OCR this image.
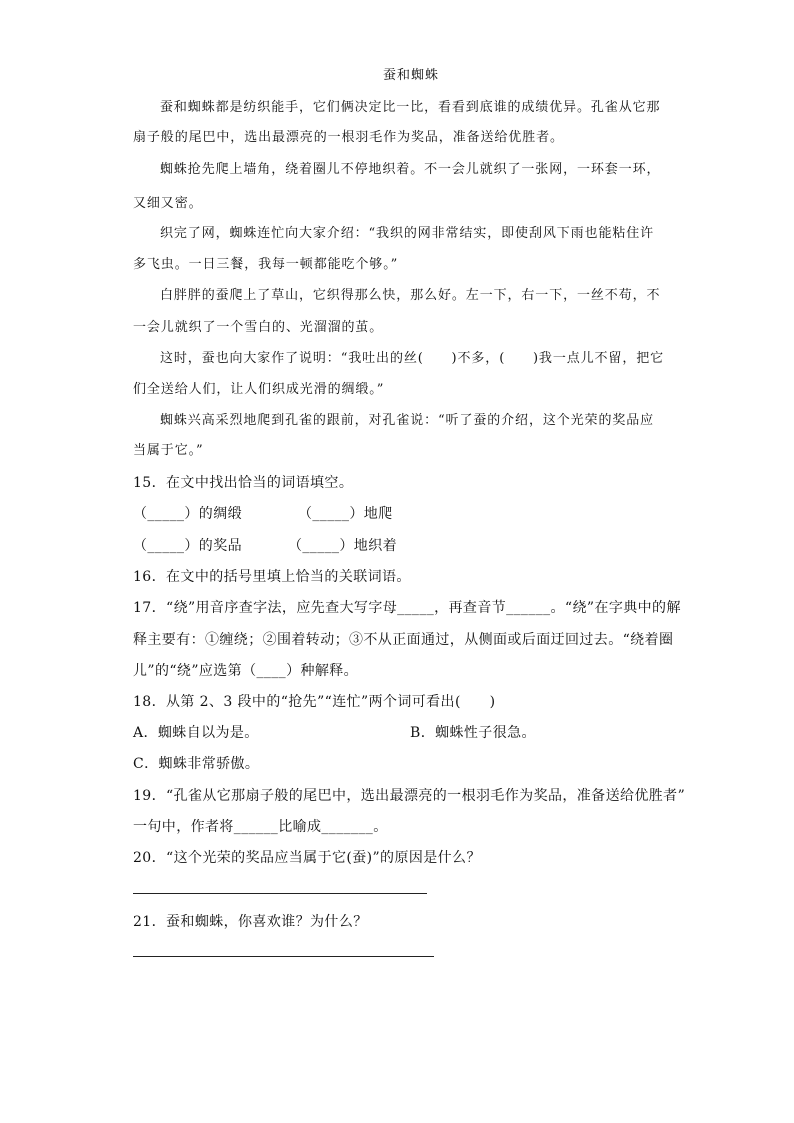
蚕和蜘蛛
蚕和蜘蛛都是纺织能手，它们俩决定比一比，看看到底谁的成绩优异。孔雀从它那
扇子般的尾巴中，选出最漂亮的一根羽毛作为奖品，准备送给优胜者。
蜘蛛抢先爬上墙角，绕着圈儿不停地织着。不一会儿就织了一张网，一环套一环，
又细又密。
织完了网，蜘蛛连忙向大家介绍：“我织的网非常结实，即使刮风下雨也能粘住许
多飞虫。一日三餐，我每一顿都能吃个够。”
白胖胖的蚕爬上了草山，它织得那么快，那么好。左一下，右一下，一丝不苟，不
一会儿就织了一个雪白的、光溜溜的茧。
这时，蚕也向大家作了说明：“我吐出的丝(　　)不多，(　　)我一点儿不留，把它
们全送给人们，让人们织成光滑的绸缎。”
蜘蛛兴高采烈地爬到孔雀的跟前，对孔雀说：“听了蚕的介绍，这个光荣的奖品应
当属于它。”
15．在文中找出恰当的词语填空。
（_____）的绸缎	（_____）地爬
（_____）的奖品	（_____）地织着
16．在文中的括号里填上恰当的关联词语。
17．“绕”用音序查字法，应先查大写字母_____，再查音节______。“绕”在字典中的解
释主要有：①缠绕；②围着转动；③不从正面通过，从侧面或后面迂回过去。“绕着圈
儿”的“绕”应选第（____）种解释。
18．从第 2、3 段中的“抢先”“连忙”两个词可看出(　　)
A．蜘蛛自以为是。	B．蜘蛛性子很急。
C．蜘蛛非常骄傲。
19．“孔雀从它那扇子般的尾巴中，选出最漂亮的一根羽毛作为奖品，准备送给优胜者”
一句中，作者将______比喻成_______。
20．“这个光荣的奖品应当属于它(蚕)”的原因是什么？
21．蚕和蜘蛛，你喜欢谁？为什么？
